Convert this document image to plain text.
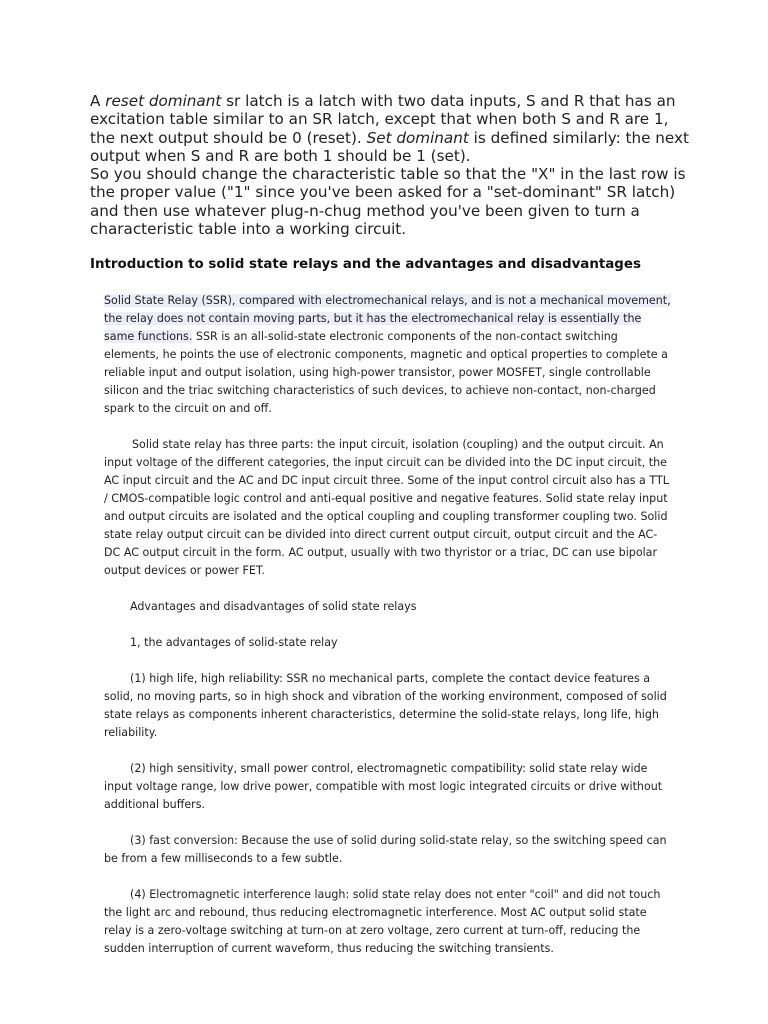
A reset dominant sr latch is a latch with two data inputs, S and R that has an excitation table similar to an SR latch, except that when both S and R are 1, the next output should be 0 (reset). Set dominant is defined similarly: the next output when S and R are both 1 should be 1 (set).

So you should change the characteristic table so that the "X" in the last row is the proper value ("1" since you've been asked for a "set-dominant" SR latch) and then use whatever plug-n-chug method you've been given to turn a characteristic table into a working circuit.

Introduction to solid state relays and the advantages and disadvantages

Solid State Relay (SSR), compared with electromechanical relays, and is not a mechanical movement, the relay does not contain moving parts, but it has the electromechanical relay is essentially the same functions. SSR is an all-solid-state electronic components of the non-contact switching elements, he points the use of electronic components, magnetic and optical properties to complete a reliable input and output isolation, using high-power transistor, power MOSFET, single controllable silicon and the triac switching characteristics of such devices, to achieve non-contact, non-charged spark to the circuit on and off.

Solid state relay has three parts: the input circuit, isolation (coupling) and the output circuit. An input voltage of the different categories, the input circuit can be divided into the DC input circuit, the AC input circuit and the AC and DC input circuit three. Some of the input control circuit also has a TTL / CMOS-compatible logic control and anti-equal positive and negative features. Solid state relay input and output circuits are isolated and the optical coupling and coupling transformer coupling two. Solid state relay output circuit can be divided into direct current output circuit, output circuit and the AC-DC AC output circuit in the form. AC output, usually with two thyristor or a triac, DC can use bipolar output devices or power FET.

Advantages and disadvantages of solid state relays

1, the advantages of solid-state relay

(1) high life, high reliability: SSR no mechanical parts, complete the contact device features a solid, no moving parts, so in high shock and vibration of the working environment, composed of solid state relays as components inherent characteristics, determine the solid-state relays, long life, high reliability.

(2) high sensitivity, small power control, electromagnetic compatibility: solid state relay wide input voltage range, low drive power, compatible with most logic integrated circuits or drive without additional buffers.

(3) fast conversion: Because the use of solid during solid-state relay, so the switching speed can be from a few milliseconds to a few subtle.

(4) Electromagnetic interference laugh: solid state relay does not enter "coil" and did not touch the light arc and rebound, thus reducing electromagnetic interference. Most AC output solid state relay is a zero-voltage switching at turn-on at zero voltage, zero current at turn-off, reducing the sudden interruption of current waveform, thus reducing the switching transients.
